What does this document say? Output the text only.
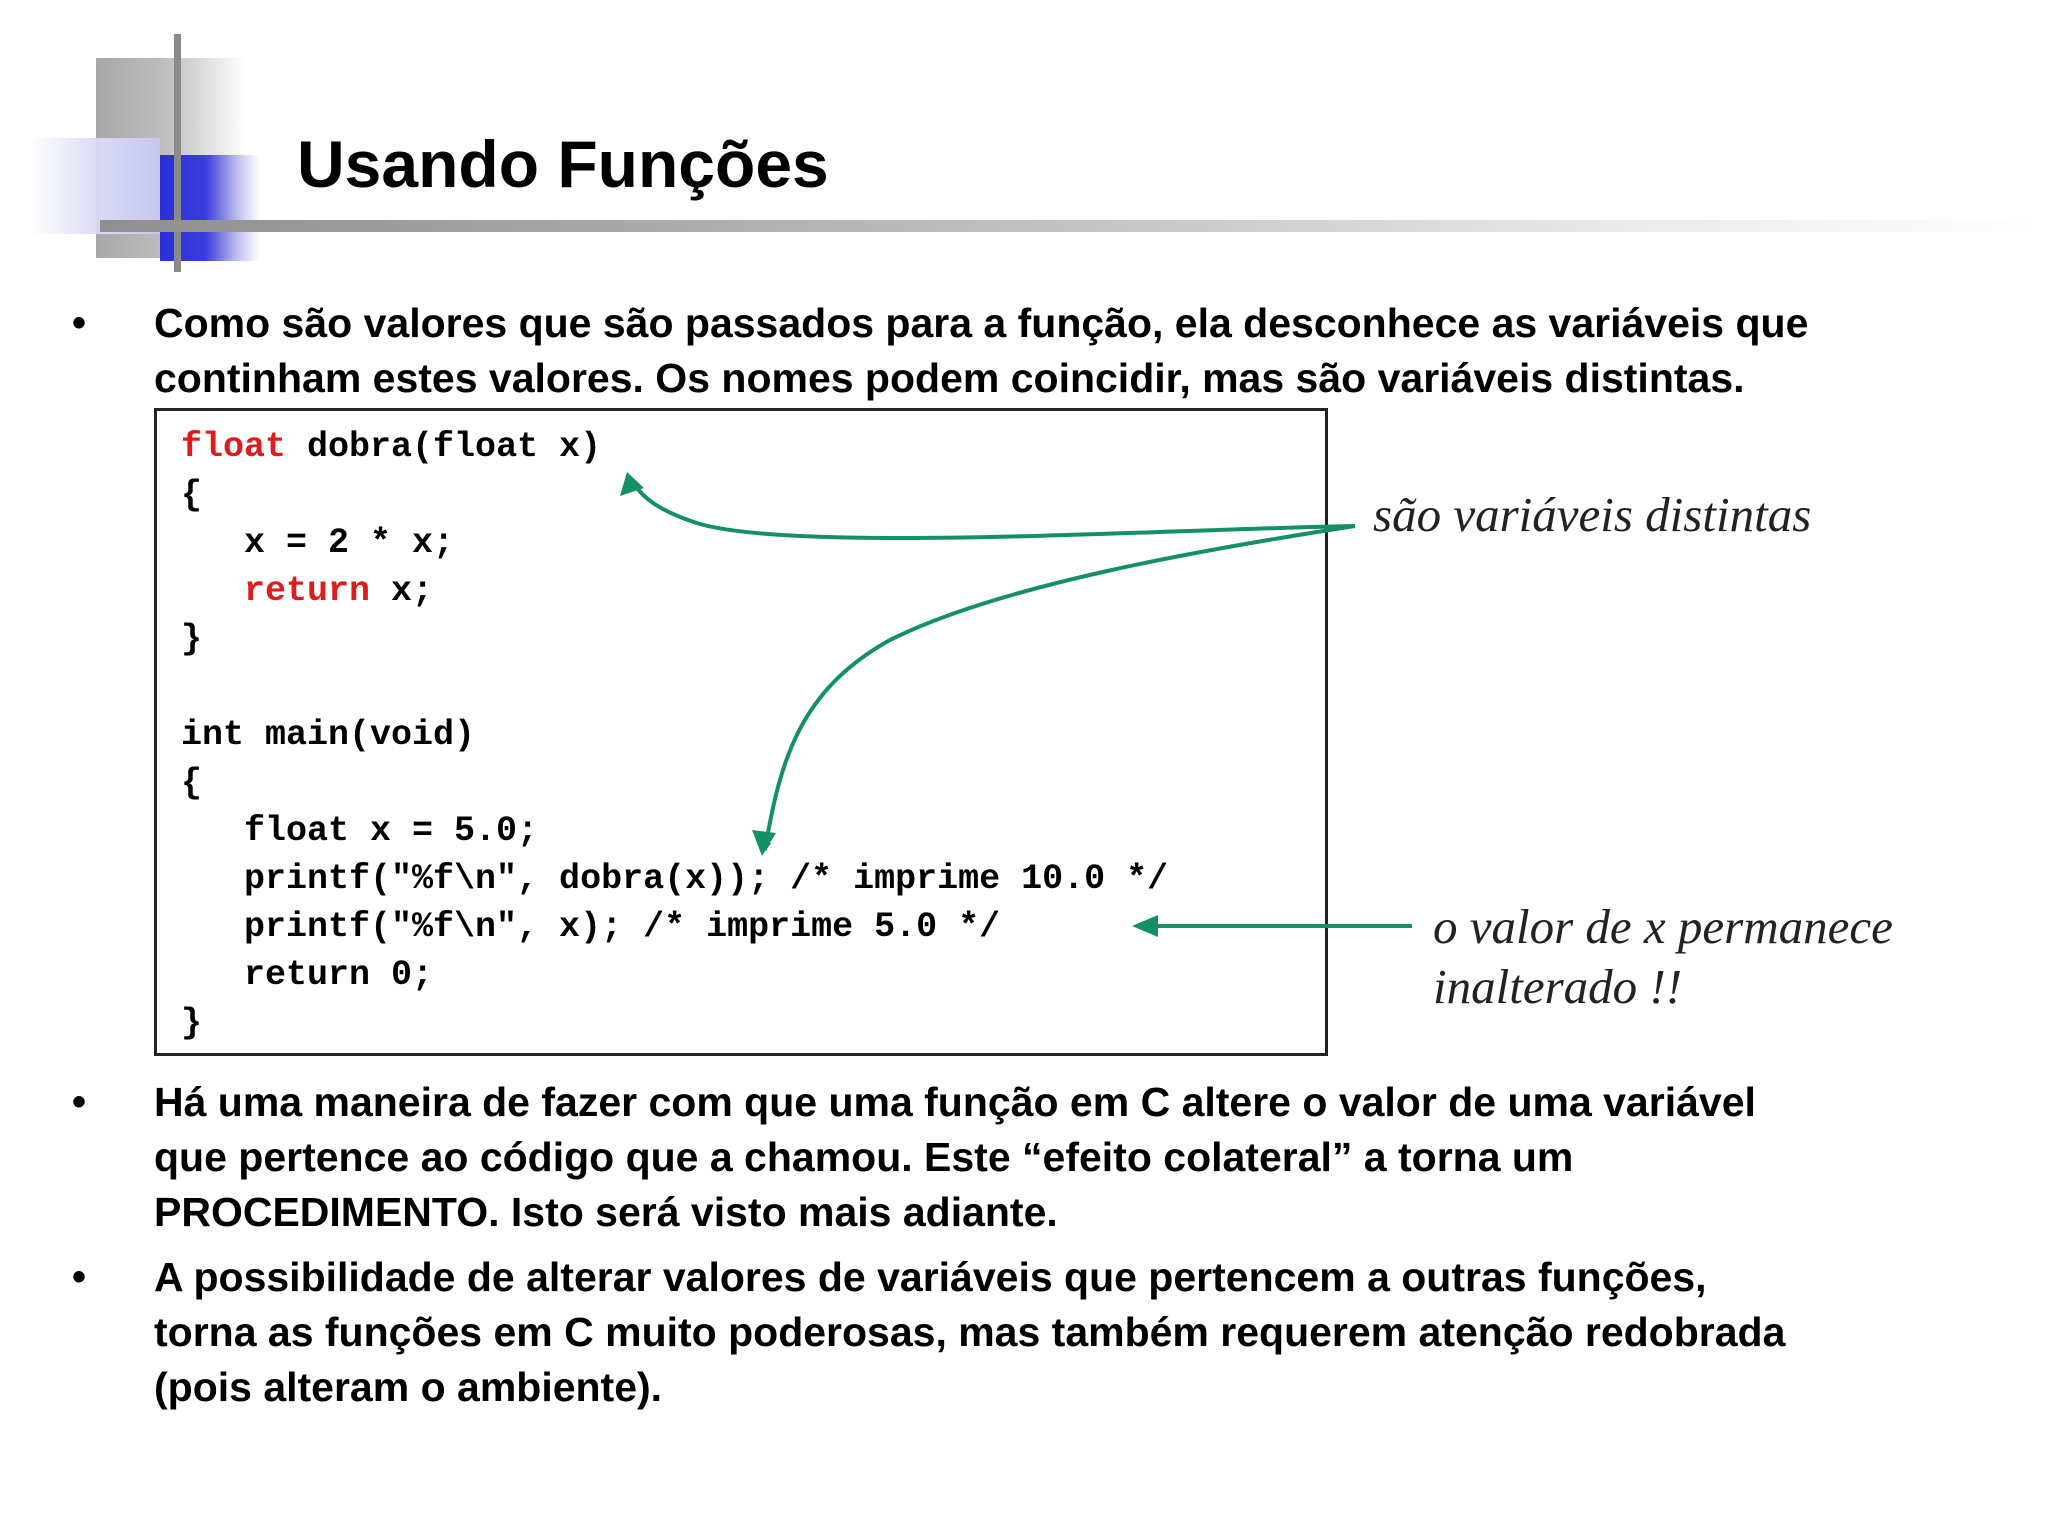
Usando Funções
• Como são valores que são passados para a função, ela desconhece as variáveis que
continham estes valores. Os nomes podem coincidir, mas são variáveis distintas.
float dobra(float x)
{
x = 2 * x;
return x;
}
int main(void)
{
float x = 5.0;
printf("%f\n", dobra(x)); /* imprime 10.0 */
printf("%f\n", x); /* imprime 5.0 */
return 0;
}
são variáveis distintas
o valor de x permanece
inalterado !!
• Há uma maneira de fazer com que uma função em C altere o valor de uma variável
que pertence ao código que a chamou. Este “efeito colateral” a torna um
PROCEDIMENTO. Isto será visto mais adiante.
• A possibilidade de alterar valores de variáveis que pertencem a outras funções,
torna as funções em C muito poderosas, mas também requerem atenção redobrada
(pois alteram o ambiente).
